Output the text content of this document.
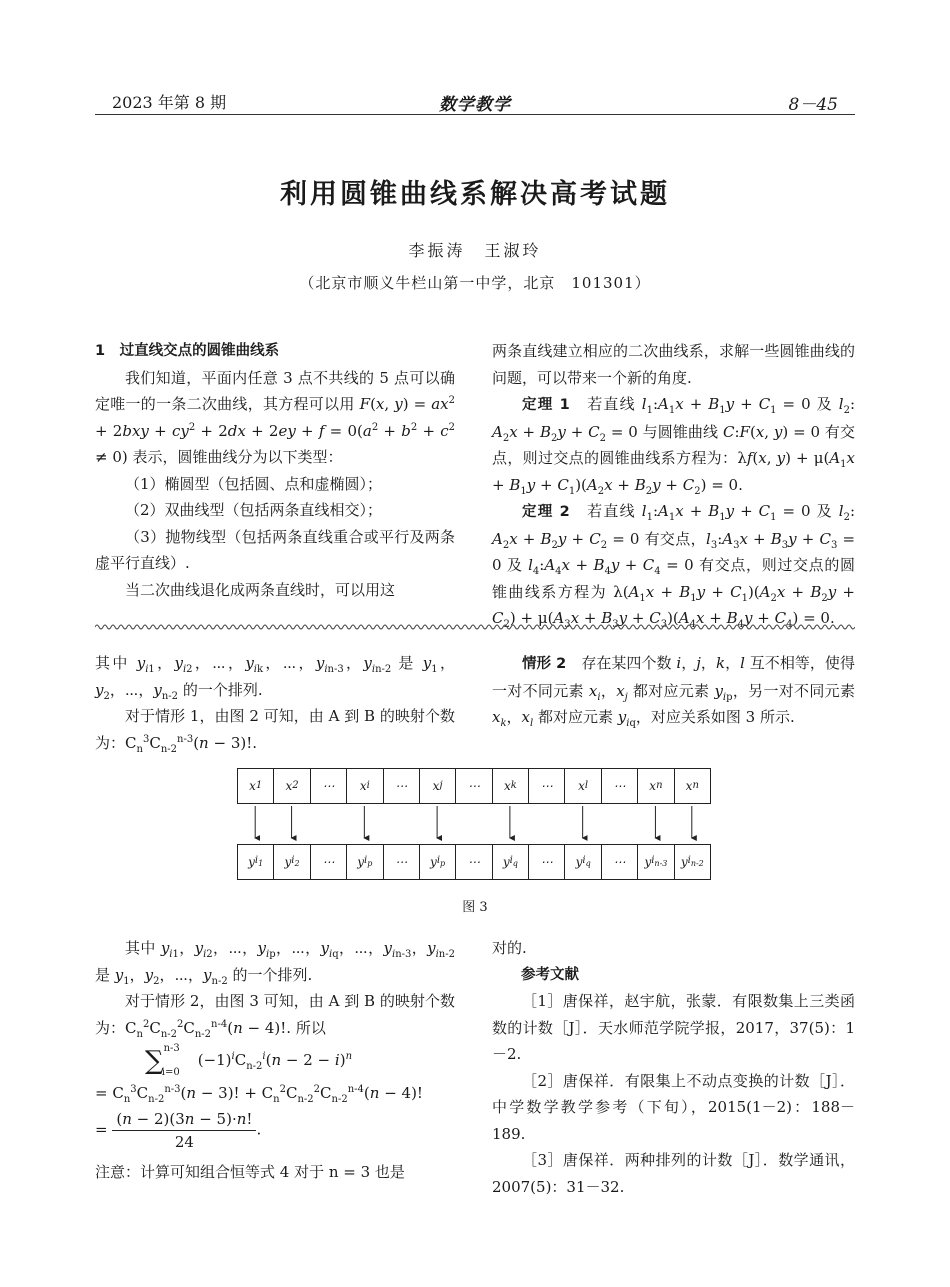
2023 年第 8 期	数学教学	8－45
利用圆锥曲线系解决高考试题
李振涛　王淑玲
（北京市顺义牛栏山第一中学，北京　101301）

1　过直线交点的圆锥曲线系

我们知道，平面内任意 3 点不共线的 5 点可以确定唯一的一条二次曲线，其方程可以用 F(x, $y) = ax^2 + 2bxy + cy^2 + 2dx + 2ey + f = 0(a^2 + b^2 + c^2 \ne 0)$ 表示，圆锥曲线分为以下类型：

（1）椭圆型（包括圆、点和虚椭圆）；

（2）双曲线型（包括两条直线相交）；

（3）抛物线型（包括两条直线重合或平行及两条虚平行直线）.

当二次曲线退化成两条直线时，可以用这

两条直线建立相应的二次曲线系，求解一些圆锥曲线的问题，可以带来一个新的角度.

定理 1　 若直线 $l_1:A_1x + B_1y + C_1 = 0$ 及 $l_2$: $A_2x + B_2y + C_2 = 0$ 与圆锥曲线 C:F(x, y) = 0 有交点，则过交点的圆锥曲线系方程为：λf(x, $y) + \mu(A_1x + B_1y + C_1)(A_2x + B_2y + C_2) = 0$.

定理 2　若直线 $l_1:A_1x + B_1y + C_1 = 0$ 及 $l_2$: $A_2x + B_2y + C_2 = 0$ 有交点，$l_3:A_3x + B_3y + C_3 = 0$ 及 $l_4:A_4x + B_4y + C_4 = 0$ 有交点，则过交点的圆锥曲线系方程为 $\lambda(A_1x + B_1y + C_1)(A_2x + B_2y + C_2) + \mu(A_3x + B_3y + C_3)(A_4x + B_4y + C_4) = 0$.

其中 $y_{i1}$，$y_{i2}$，⋯，$y_{ik}$，⋯，$y_{in-3}$，$y_{in-2}$ 是 $y_1$，$y_2$，⋯，$y_{n-2}$ 的一个排列.

对于情形 1，由图 2 可知，由 A 到 B 的映射个数为：$C_n^3C_{n-2}^{n-3}(n - 3)$!.

情形 2　存在某四个数 i，j，k，l 互不相等，使得一对不同元素 $x_i$，$x_j$ 都对应元素 $y_{ip}$，另一对不同元素 $x_k$，$x_l$ 都对应元素 $y_{iq}$，对应关系如图 3 所示.

x 1	x 2	⋯	x i	⋯	x j	⋯	x k	⋯	x l	⋯	x n	x n
y $i_1$	y $i_2$	⋯	y $i_p$	⋯	y $i_p$	⋯	y $i_q$	⋯	y $i_q$	⋯	y $i_{n-3}$	y $i_{n-2}$
图 3

其中 $y_{i1}$，$y_{i2}$，⋯，$y_{ip}$，⋯，$y_{iq}$，⋯，$y_{in-3}$，$y_{in-2}$ 是 $y_1$，$y_2$，⋯，$y_{n-2}$ 的一个排列.

对于情形 2，由图 3 可知，由 A 到 B 的映射个数为：$C_n^2C_{n-2}^2C_{n-2}^{n-4}(n - 4)$!. 所以

$\sum^{n-3}_{i=0}(-1)^iC_{n-2}^i(n - 2 - i)^n$
= $C_n^3C_{n-2}^{n-3}(n - 3)$! + $C_n^2C_{n-2}^2C_{n-2}^{n-4}(n - 4)$!
= $\frac{(n - 2)(3n - 5)\cdot n!}{24}$ .

注意：计算可知组合恒等式 4 对于 n = 3 也是

对的.

参考文献

［1］唐保祥，赵宇航，张蒙．有限数集上三类函数的计数［J］．天水师范学院学报，2017，37(5)：1－2.

［2］唐保祥．有限集上不动点变换的计数［J］．中学数学教学参考（下旬），2015(1－2)：188－189.

［3］唐保祥．两种排列的计数［J］．数学通讯，2007(5)：31－32.
